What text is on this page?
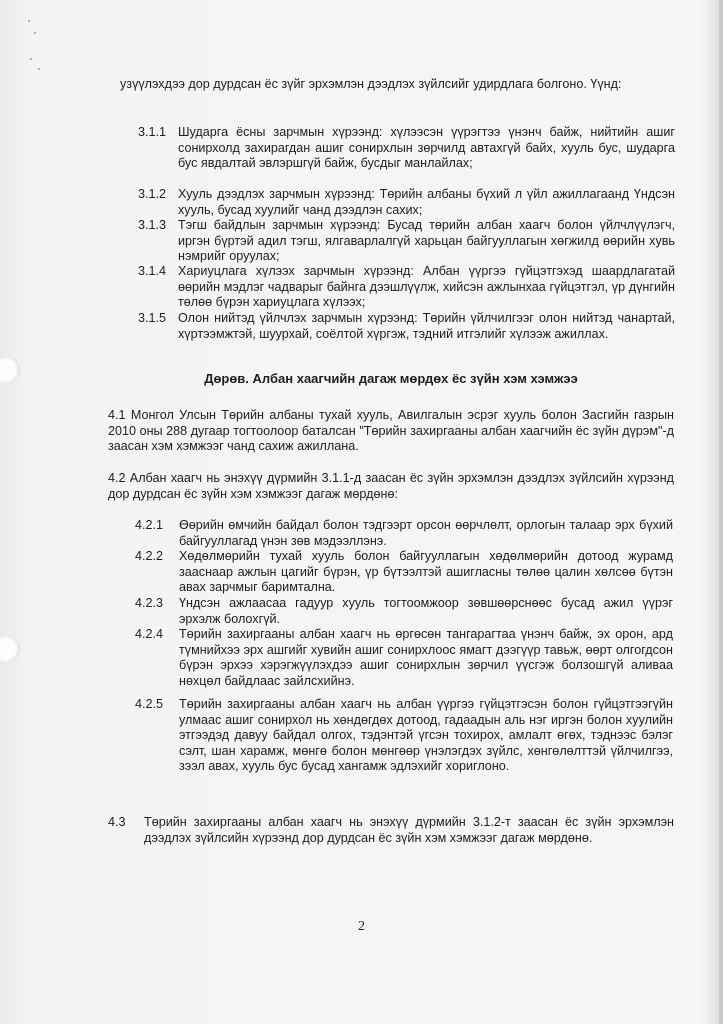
узүүлэхдээ дор дурдсан ёс зүйг эрхэмлэн дээдлэх зүйлсийг удирдлага болгоно. Үүнд:
3.1.1 Шударга ёсны зарчмын хүрээнд: хүлээсэн үүрэгтээ үнэнч байж, нийтийн ашиг сонирхолд захирагдан ашиг сонирхлын зөрчилд автахгүй байх, хууль бус, шударга бус явдалтай эвлэршгүй байж, бусдыг манлайлах;
3.1.2 Хууль дээдлэх зарчмын хүрээнд: Төрийн албаны бүхий л үйл ажиллагаанд Үндсэн хууль, бусад хуулийг чанд дээдлэн сахих;
3.1.3 Тэгш байдлын зарчмын хүрээнд: Бусад төрийн албан хаагч болон үйлчлүүлэгч, иргэн бүртэй адил тэгш, ялгаварлалгүй харьцан байгууллагын хөгжилд өөрийн хувь нэмрийг оруулах;
3.1.4 Хариуцлага хүлээх зарчмын хүрээнд: Албан үүргээ гүйцэтгэхэд шаардлагатай өөрийн мэдлэг чадварыг байнга дээшлүүлж, хийсэн ажлынхаа гүйцэтгэл, үр дүнгийн төлөө бүрэн хариуцлага хүлээх;
3.1.5 Олон нийтэд үйлчлэх зарчмын хүрээнд: Төрийн үйлчилгээг олон нийтэд чанартай, хүртээмжтэй, шуурхай, соёлтой хүргэж, тэдний итгэлийг хүлээж ажиллах.
Дөрөв. Албан хаагчийн дагаж мөрдөх ёс зүйн хэм хэмжээ
4.1 Монгол Улсын Төрийн албаны тухай хууль, Авилгалын эсрэг хууль болон Засгийн газрын 2010 оны 288 дугаар тогтоолоор баталсан "Төрийн захиргааны албан хаагчийн ёс зүйн дүрэм"-д заасан хэм хэмжээг чанд сахиж ажиллана.
4.2 Албан хаагч нь энэхүү дүрмийн 3.1.1-д заасан ёс зүйн эрхэмлэн дээдлэх зүйлсийн хүрээнд дор дурдсан ёс зүйн хэм хэмжээг дагаж мөрдөнө:
4.2.1	Өөрийн өмчийн байдал болон тэдгээрт орсон өөрчлөлт, орлогын талаар эрх бүхий байгууллагад үнэн зөв мэдээллэнэ.
4.2.2	Хөдөлмөрийн тухай хууль болон байгууллагын хөдөлмөрийн дотоод журамд зааснаар ажлын цагийг бүрэн, үр бүтээлтэй ашигласны төлөө цалин хөлсөө бүтэн авах зарчмыг баримтална.
4.2.3	Үндсэн ажлаасаа гадуур хууль тогтоомжоор зөвшөөрснөөс бусад ажил үүрэг эрхэлж болохгүй.
4.2.4	Төрийн захиргааны албан хаагч нь өргөсөн тангарагтаа үнэнч байж, эх орон, ард түмнийхээ эрх ашгийг хувийн ашиг сонирхлоос ямагт дээгүүр тавьж, өөрт олгогдсон бүрэн эрхээ хэрэгжүүлэхдээ ашиг сонирхлын зөрчил үүсгэж болзошгүй аливаа нөхцөл байдлаас зайлсхийнэ.
4.2.5	Төрийн захиргааны албан хаагч нь албан үүргээ гүйцэтгэсэн болон гүйцэтгээгүйн улмаас ашиг сонирхол нь хөндөгдөх дотоод, гадаадын аль нэг иргэн болон хуулийн этгээдэд давуу байдал олгох, тэдэнтэй үгсэн тохирох, амлалт өгөх, тэднээс бэлэг сэлт, шан харамж, мөнгө болон мөнгөөр үнэлэгдэх зүйлс, хөнгөлөлттэй үйлчилгээ, зээл авах, хууль бус бусад хангамж эдлэхийг хориглоно.
4.3 Төрийн захиргааны албан хаагч нь энэхүү дүрмийн 3.1.2-т заасан ёс зүйн эрхэмлэн дээдлэх зүйлсийн хүрээнд дор дурдсан ёс зүйн хэм хэмжээг дагаж мөрдөнө.
2
